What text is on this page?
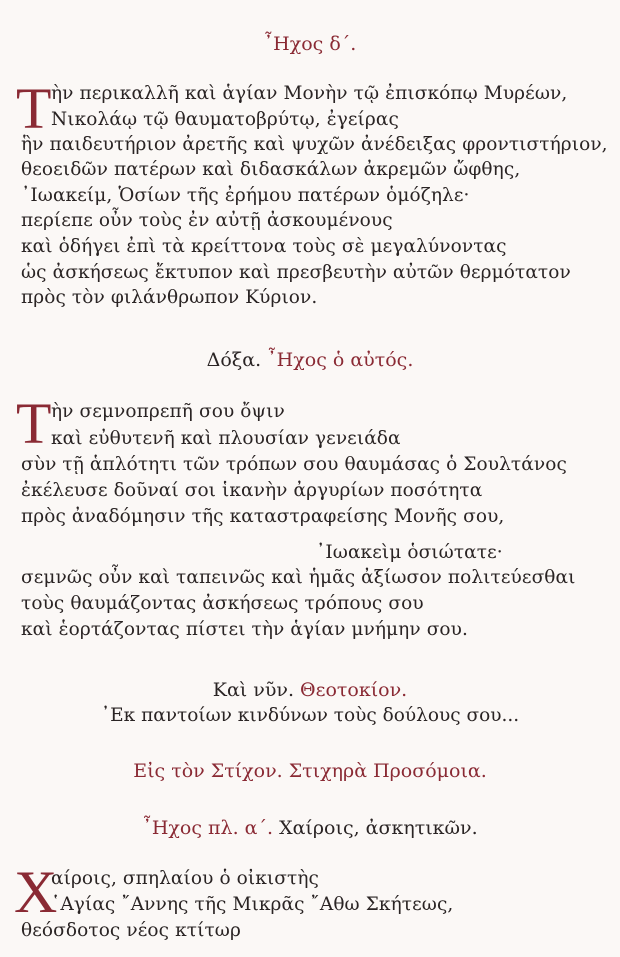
῏Ηχος δ΄.
Τ ὴν περικαλλῆ καὶ ἁγίαν Μονὴν τῷ ἐπισκόπῳ Μυρέων,
Νικολάῳ τῷ θαυματοβρύτῳ, ἐγείρας
ἣν παιδευτήριον ἀρετῆς καὶ ψυχῶν ἀνέδειξας φροντιστήριον,
θεοειδῶν πατέρων καὶ διδασκάλων ἀκρεμῶν ὤφθης,
᾿Ιωακείμ, Ὁσίων τῆς ἐρήμου πατέρων ὁμόζηλε·
περίεπε οὖν τοὺς ἐν αὐτῇ ἀσκουμένους
καὶ ὁδήγει ἐπὶ τὰ κρείττονα τοὺς σὲ μεγαλύνοντας
ὡς ἀσκήσεως ἔκτυπον καὶ πρεσβευτὴν αὐτῶν θερμότατον
πρὸς τὸν φιλάνθρωπον Κύριον.
Δόξα. ῏Ηχος ὁ αὐτός.
Τ ὴν σεμνοπρεπῆ σου ὄψιν
καὶ εὐθυτενῆ καὶ πλουσίαν γενειάδα
σὺν τῇ ἁπλότητι τῶν τρόπων σου θαυμάσας ὁ Σουλτάνος
ἐκέλευσε δοῦναί σοι ἱκανὴν ἀργυρίων ποσότητα
πρὸς ἀναδόμησιν τῆς καταστραφείσης Μονῆς σου,
᾿Ιωακεὶμ ὁσιώτατε·
σεμνῶς οὖν καὶ ταπεινῶς καὶ ἡμᾶς ἀξίωσον πολιτεύεσθαι
τοὺς θαυμάζοντας ἀσκήσεως τρόπους σου
καὶ ἑορτάζοντας πίστει τὴν ἁγίαν μνήμην σου.
Καὶ νῦν. Θεοτοκίον.
᾿Εκ παντοίων κινδύνων τοὺς δούλους σου...
Εἰς τὸν Στίχον. Στιχηρὰ Προσόμοια.
῏Ηχος πλ. α΄. Χαίροις, ἀσκητικῶν.
Χ
αίροις, σπηλαίου ὁ οἰκιστὴς
῾Αγίας ῎Αννης τῆς Μικρᾶς ῎Αθω Σκήτεως,
θεόσδοτος νέος κτίτωρ
